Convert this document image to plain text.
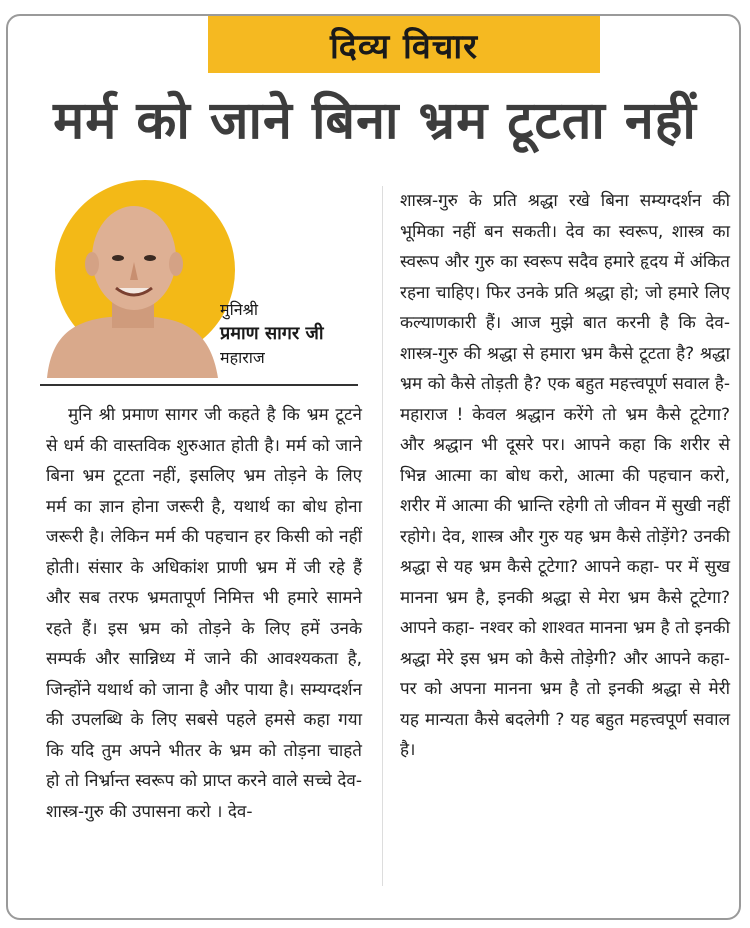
दिव्य विचार
मर्म को जाने बिना भ्रम टूटता नहीं
मुनिश्री
प्रमाण सागर जी
महाराज
मुनि श्री प्रमाण सागर जी कहते है कि भ्रम टूटने से धर्म की वास्तविक शुरुआत होती है। मर्म को जाने बिना भ्रम टूटता नहीं, इसलिए भ्रम तोड़ने के लिए मर्म का ज्ञान होना जरूरी है, यथार्थ का बोध होना जरूरी है। लेकिन मर्म की पहचान हर किसी को नहीं होती। संसार के अधिकांश प्राणी भ्रम में जी रहे हैं और सब तरफ भ्रमतापूर्ण निमित्त भी हमारे सामने रहते हैं। इस भ्रम को तोड़ने के लिए हमें उनके सम्पर्क और सान्निध्य में जाने की आवश्यकता है, जिन्होंने यथार्थ को जाना है और पाया है। सम्यग्दर्शन की उपलब्धि के लिए सबसे पहले हमसे कहा गया कि यदि तुम अपने भीतर के भ्रम को तोड़ना चाहते हो तो निर्भ्रान्त स्वरूप को प्राप्त करने वाले सच्चे देव-शास्त्र-गुरु की उपासना करो । देव-
शास्त्र-गुरु के प्रति श्रद्धा रखे बिना सम्यग्दर्शन की भूमिका नहीं बन सकती। देव का स्वरूप, शास्त्र का स्वरूप और गुरु का स्वरूप सदैव हमारे हृदय में अंकित रहना चाहिए। फिर उनके प्रति श्रद्धा हो; जो हमारे लिए कल्याणकारी हैं। आज मुझे बात करनी है कि देव-शास्त्र-गुरु की श्रद्धा से हमारा भ्रम कैसे टूटता है? श्रद्धा भ्रम को कैसे तोड़ती है? एक बहुत महत्त्वपूर्ण सवाल है- महाराज ! केवल श्रद्धान करेंगे तो भ्रम कैसे टूटेगा? और श्रद्धान भी दूसरे पर। आपने कहा कि शरीर से भिन्न आत्मा का बोध करो, आत्मा की पहचान करो, शरीर में आत्मा की भ्रान्ति रहेगी तो जीवन में सुखी नहीं रहोगे। देव, शास्त्र और गुरु यह भ्रम कैसे तोड़ेंगे? उनकी श्रद्धा से यह भ्रम कैसे टूटेगा? आपने कहा- पर में सुख मानना भ्रम है, इनकी श्रद्धा से मेरा भ्रम कैसे टूटेगा? आपने कहा- नश्वर को शाश्वत मानना भ्रम है तो इनकी श्रद्धा मेरे इस भ्रम को कैसे तोड़ेगी? और आपने कहा- पर को अपना मानना भ्रम है तो इनकी श्रद्धा से मेरी यह मान्यता कैसे बदलेगी ? यह बहुत महत्त्वपूर्ण सवाल है।
